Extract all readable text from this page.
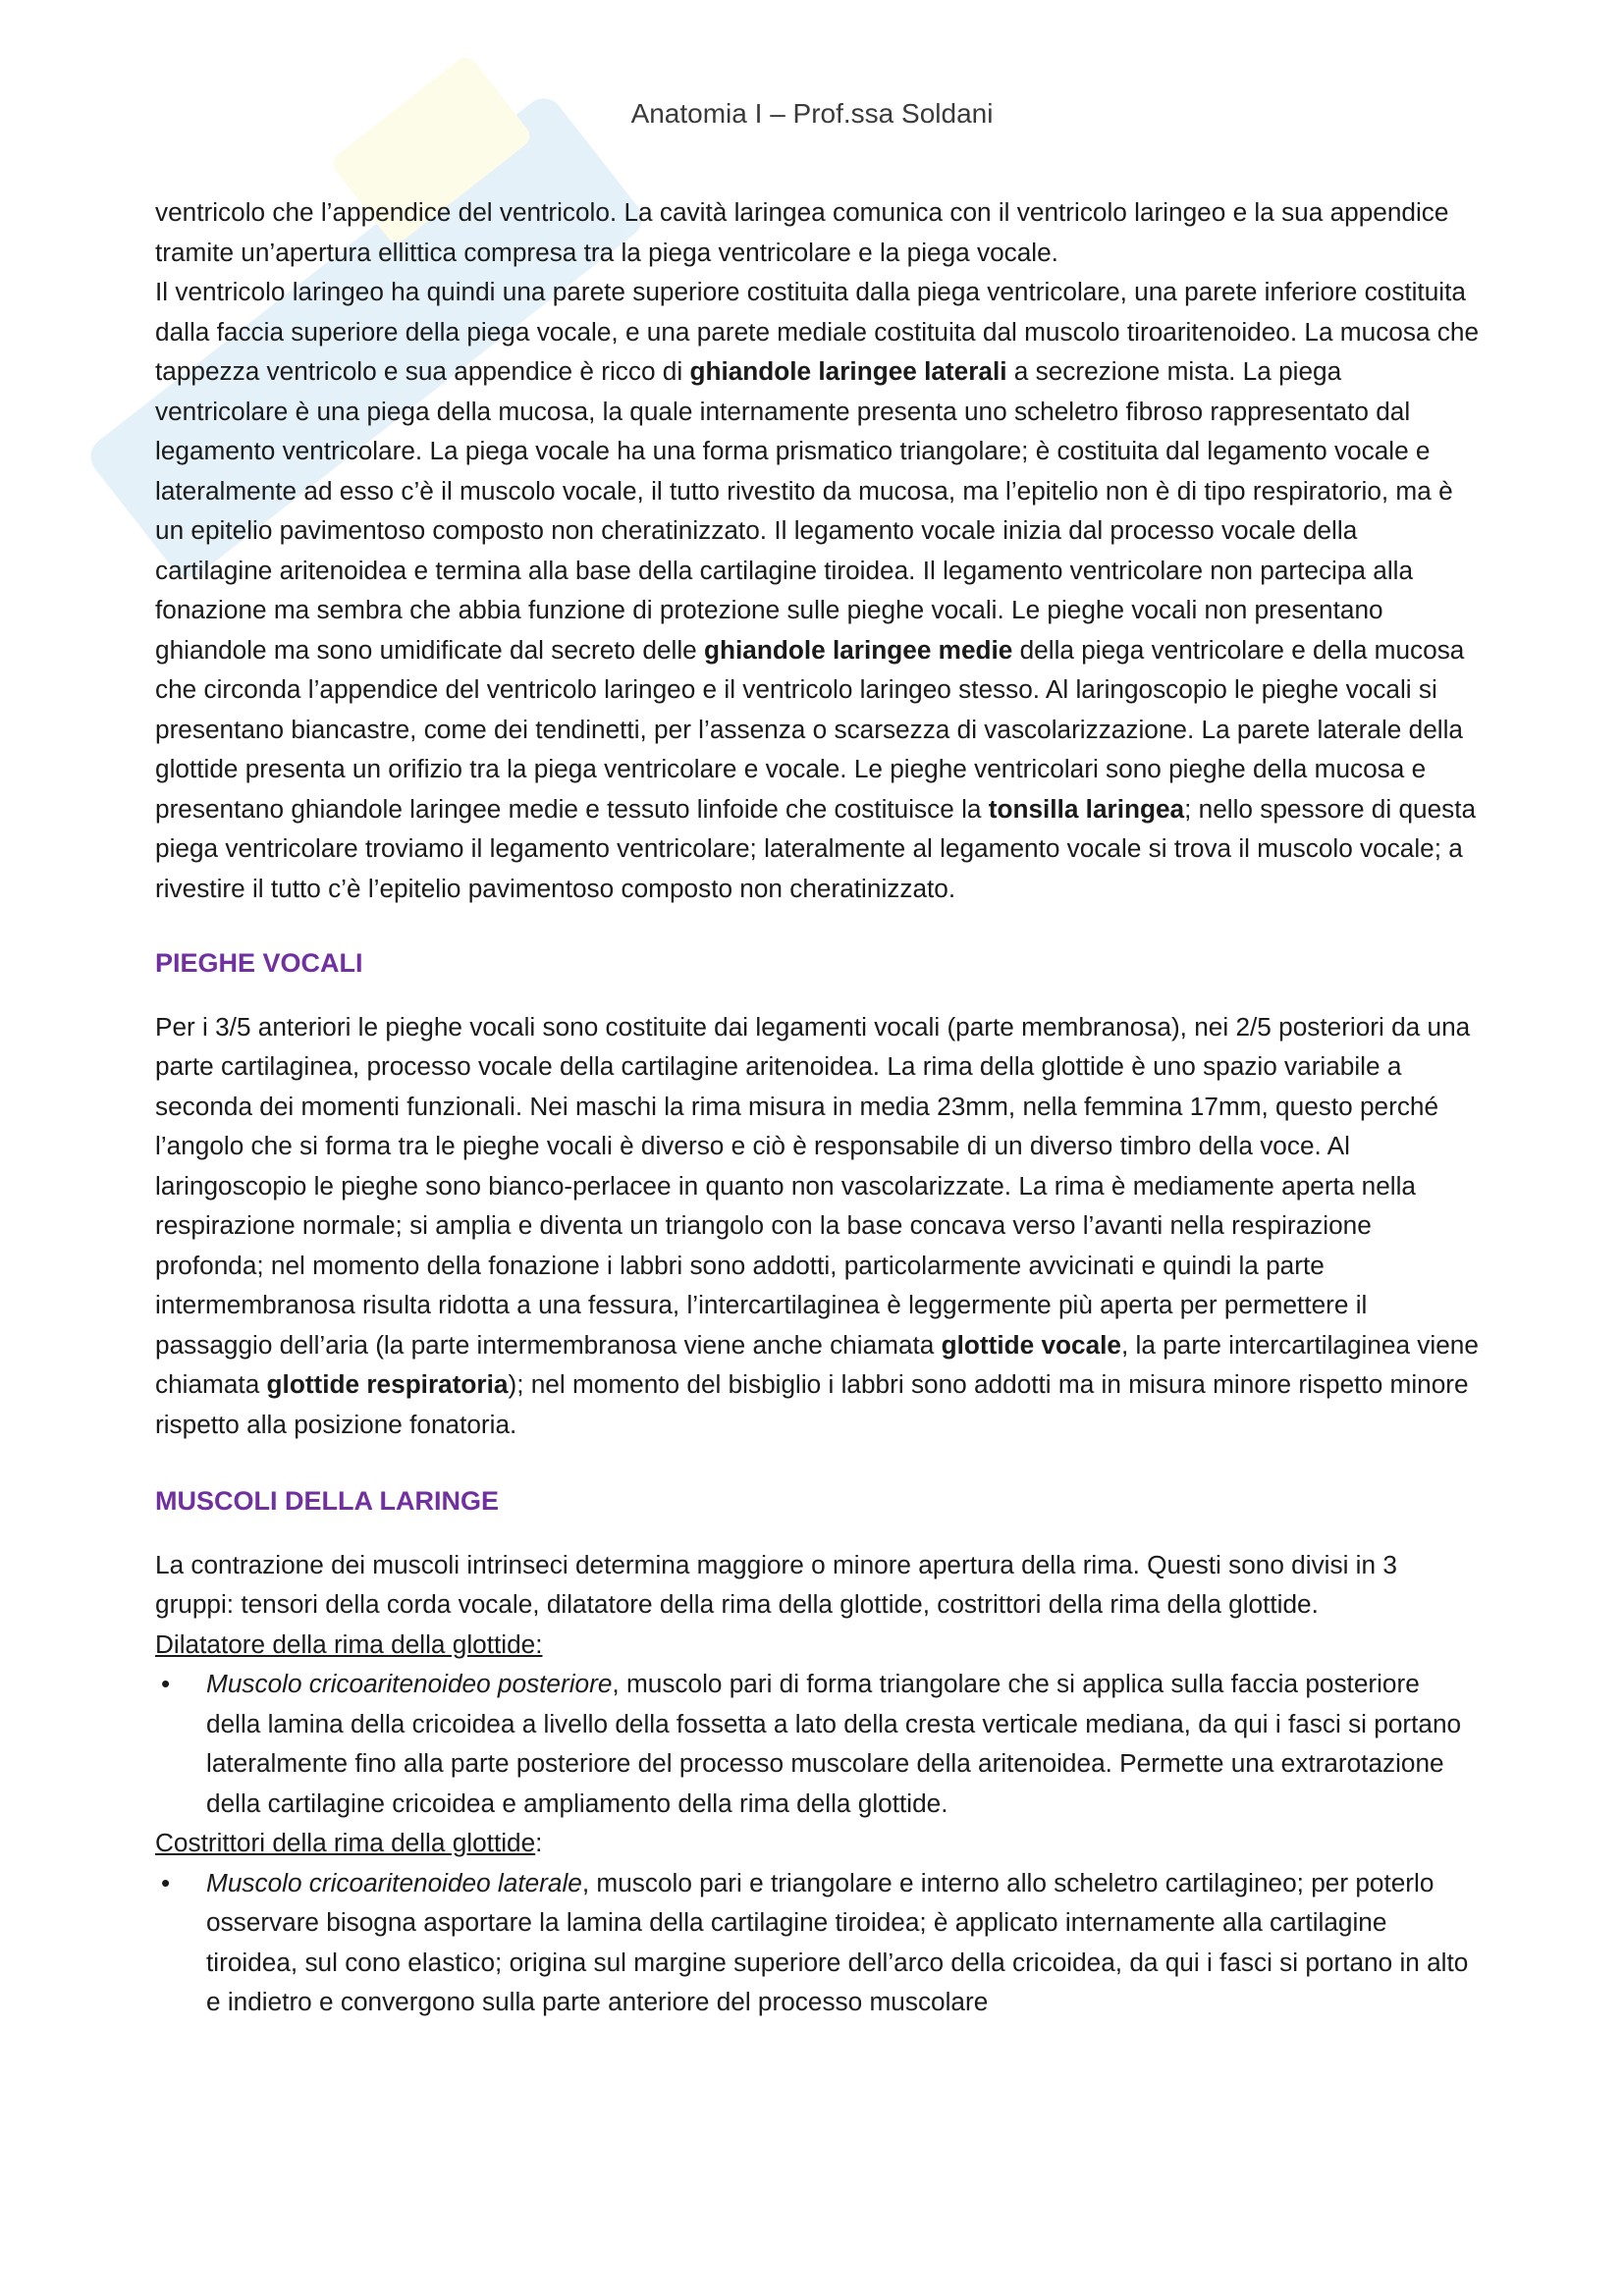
Anatomia I – Prof.ssa Soldani

ventricolo che l’appendice del ventricolo. La cavità laringea comunica con il ventricolo laringeo e la sua appendice tramite un’apertura ellittica compresa tra la piega ventricolare e la piega vocale.
Il ventricolo laringeo ha quindi una parete superiore costituita dalla piega ventricolare, una parete inferiore costituita dalla faccia superiore della piega vocale, e una parete mediale costituita dal muscolo tiroaritenoideo. La mucosa che tappezza ventricolo e sua appendice è ricco di ghiandole laringee laterali a secrezione mista. La piega ventricolare è una piega della mucosa, la quale internamente presenta uno scheletro fibroso rappresentato dal legamento ventricolare. La piega vocale ha una forma prismatico triangolare; è costituita dal legamento vocale e lateralmente ad esso c’è il muscolo vocale, il tutto rivestito da mucosa, ma l’epitelio non è di tipo respiratorio, ma è un epitelio pavimentoso composto non cheratinizzato. Il legamento vocale inizia dal processo vocale della cartilagine aritenoidea e termina alla base della cartilagine tiroidea. Il legamento ventricolare non partecipa alla fonazione ma sembra che abbia funzione di protezione sulle pieghe vocali. Le pieghe vocali non presentano ghiandole ma sono umidificate dal secreto delle ghiandole laringee medie della piega ventricolare e della mucosa che circonda l’appendice del ventricolo laringeo e il ventricolo laringeo stesso. Al laringoscopio le pieghe vocali si presentano biancastre, come dei tendinetti, per l’assenza o scarsezza di vascolarizzazione. La parete laterale della glottide presenta un orifizio tra la piega ventricolare e vocale. Le pieghe ventricolari sono pieghe della mucosa e presentano ghiandole laringee medie e tessuto linfoide che costituisce la tonsilla laringea; nello spessore di questa piega ventricolare troviamo il legamento ventricolare; lateralmente al legamento vocale si trova il muscolo vocale; a rivestire il tutto c’è l’epitelio pavimentoso composto non cheratinizzato.

PIEGHE VOCALI

Per i 3/5 anteriori le pieghe vocali sono costituite dai legamenti vocali (parte membranosa), nei 2/5 posteriori da una parte cartilaginea, processo vocale della cartilagine aritenoidea. La rima della glottide è uno spazio variabile a seconda dei momenti funzionali. Nei maschi la rima misura in media 23mm, nella femmina 17mm, questo perché l’angolo che si forma tra le pieghe vocali è diverso e ciò è responsabile di un diverso timbro della voce. Al laringoscopio le pieghe sono bianco-perlacee in quanto non vascolarizzate. La rima è mediamente aperta nella respirazione normale; si amplia e diventa un triangolo con la base concava verso l’avanti nella respirazione profonda; nel momento della fonazione i labbri sono addotti, particolarmente avvicinati e quindi la parte intermembranosa risulta ridotta a una fessura, l’intercartilaginea è leggermente più aperta per permettere il passaggio dell’aria (la parte intermembranosa viene anche chiamata glottide vocale, la parte intercartilaginea viene chiamata glottide respiratoria); nel momento del bisbiglio i labbri sono addotti ma in misura minore rispetto minore rispetto alla posizione fonatoria.

MUSCOLI DELLA LARINGE

La contrazione dei muscoli intrinseci determina maggiore o minore apertura della rima. Questi sono divisi in 3 gruppi: tensori della corda vocale, dilatatore della rima della glottide, costrittori della rima della glottide.

Dilatatore della rima della glottide:

• Muscolo cricoaritenoideo posteriore, muscolo pari di forma triangolare che si applica sulla faccia posteriore della lamina della cricoidea a livello della fossetta a lato della cresta verticale mediana, da qui i fasci si portano lateralmente fino alla parte posteriore del processo muscolare della aritenoidea. Permette una extrarotazione della cartilagine cricoidea e ampliamento della rima della glottide.

Costrittori della rima della glottide:

• Muscolo cricoaritenoideo laterale, muscolo pari e triangolare e interno allo scheletro cartilagineo; per poterlo osservare bisogna asportare la lamina della cartilagine tiroidea; è applicato internamente alla cartilagine tiroidea, sul cono elastico; origina sul margine superiore dell’arco della cricoidea, da qui i fasci si portano in alto e indietro e convergono sulla parte anteriore del processo muscolare
